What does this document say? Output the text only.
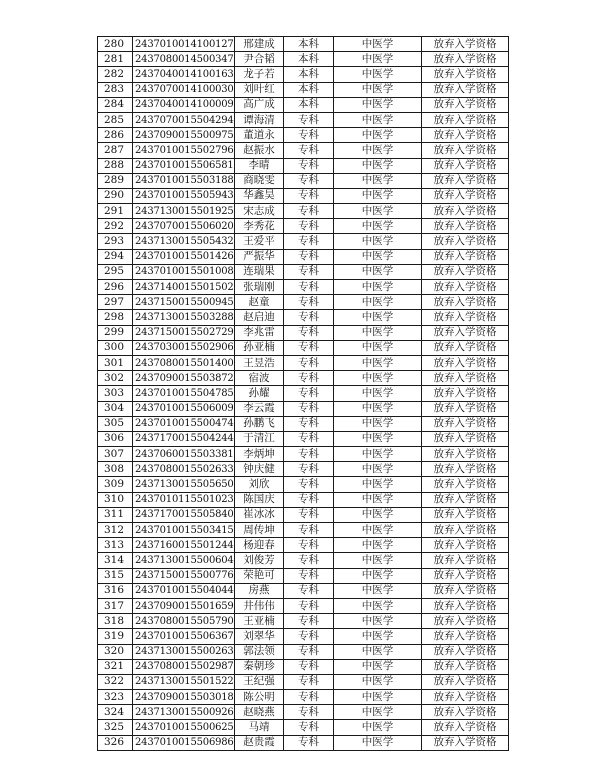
280	2437010014100127	邢建成	本科	中医学	放弃入学资格
281	2437080014500347	尹合韬	本科	中医学	放弃入学资格
282	2437040014100163	龙子若	本科	中医学	放弃入学资格
283	2437070014100030	刘叶红	本科	中医学	放弃入学资格
284	2437040014100009	高广成	本科	中医学	放弃入学资格
285	2437070015504294	谭海清	专科	中医学	放弃入学资格
286	2437090015500975	董道永	专科	中医学	放弃入学资格
287	2437010015502796	赵振水	专科	中医学	放弃入学资格
288	2437010015506581	李晴	专科	中医学	放弃入学资格
289	2437010015503188	商晓雯	专科	中医学	放弃入学资格
290	2437010015505943	华鑫昊	专科	中医学	放弃入学资格
291	2437130015501925	宋志成	专科	中医学	放弃入学资格
292	2437070015506020	李秀花	专科	中医学	放弃入学资格
293	2437130015505432	王爱平	专科	中医学	放弃入学资格
294	2437010015501426	严振华	专科	中医学	放弃入学资格
295	2437010015501008	连瑞果	专科	中医学	放弃入学资格
296	2437140015501502	张瑞刚	专科	中医学	放弃入学资格
297	2437150015500945	赵童	专科	中医学	放弃入学资格
298	2437130015503288	赵启迪	专科	中医学	放弃入学资格
299	2437150015502729	李兆雷	专科	中医学	放弃入学资格
300	2437030015502906	孙亚楠	专科	中医学	放弃入学资格
301	2437080015501400	王昱浩	专科	中医学	放弃入学资格
302	2437090015503872	宿波	专科	中医学	放弃入学资格
303	2437010015504785	孙耀	专科	中医学	放弃入学资格
304	2437010015506009	李云霞	专科	中医学	放弃入学资格
305	2437010015500474	孙鹏飞	专科	中医学	放弃入学资格
306	2437170015504244	于清江	专科	中医学	放弃入学资格
307	2437060015503381	李炳坤	专科	中医学	放弃入学资格
308	2437080015502633	钟庆健	专科	中医学	放弃入学资格
309	2437130015505650	刘欣	专科	中医学	放弃入学资格
310	2437010115501023	陈国庆	专科	中医学	放弃入学资格
311	2437170015505840	崔冰冰	专科	中医学	放弃入学资格
312	2437010015503415	周传坤	专科	中医学	放弃入学资格
313	2437160015501244	杨迎春	专科	中医学	放弃入学资格
314	2437130015500604	刘俊芳	专科	中医学	放弃入学资格
315	2437150015500776	荣艳可	专科	中医学	放弃入学资格
316	2437010015504044	房燕	专科	中医学	放弃入学资格
317	2437090015501659	井伟伟	专科	中医学	放弃入学资格
318	2437080015505790	王亚楠	专科	中医学	放弃入学资格
319	2437010015506367	刘翠华	专科	中医学	放弃入学资格
320	2437130015500263	郭法领	专科	中医学	放弃入学资格
321	2437080015502987	秦朝珍	专科	中医学	放弃入学资格
322	2437130015501522	王纪强	专科	中医学	放弃入学资格
323	2437090015503018	陈公明	专科	中医学	放弃入学资格
324	2437130015500926	赵晓燕	专科	中医学	放弃入学资格
325	2437010015500625	马靖	专科	中医学	放弃入学资格
326	2437010015506986	赵贵霞	专科	中医学	放弃入学资格
